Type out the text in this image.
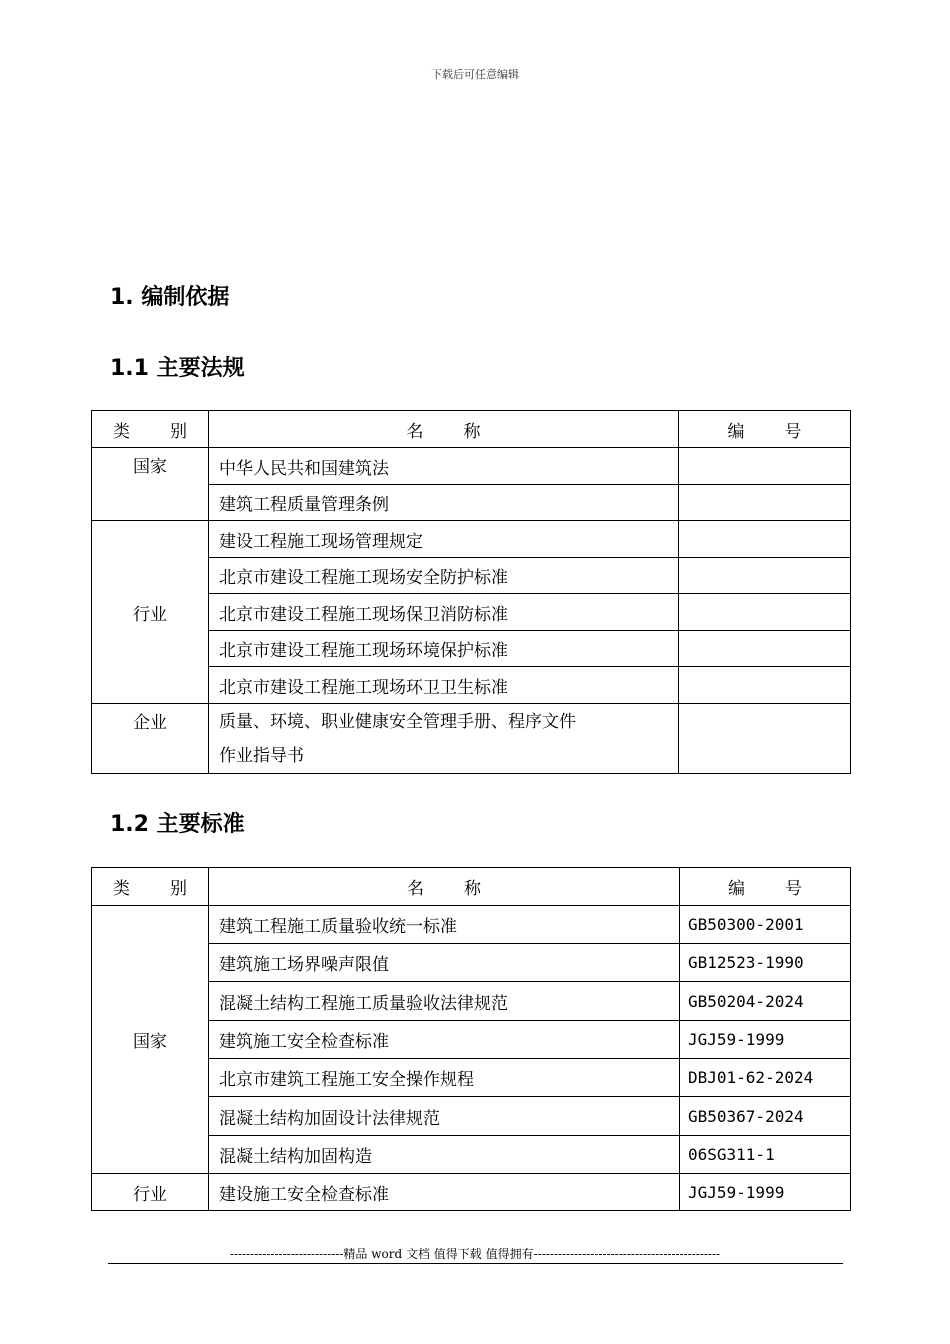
下载后可任意编辑
1. 编制依据
1.1 主要法规
类 别	名 称	编 号
国家	中华人民共和国建筑法	
	建筑工程质量管理条例	
行业	建设工程施工现场管理规定	
	北京市建设工程施工现场安全防护标准	
	北京市建设工程施工现场保卫消防标准	
	北京市建设工程施工现场环境保护标准	
	北京市建设工程施工现场环卫卫生标准	
企业	质量、环境、职业健康安全管理手册、程序文件
作业指导书	

1.2 主要标准
类 别	名 称	编 号
国家	建筑工程施工质量验收统一标准	GB50300-2001
	建筑施工场界噪声限值	GB12523-1990
	混凝土结构工程施工质量验收法律规范	GB50204-2024
	建筑施工安全检查标准	JGJ59-1999
	北京市建筑工程施工安全操作规程	DBJ01-62-2024
	混凝土结构加固设计法律规范	GB50367-2024
	混凝土结构加固构造	06SG311-1
行业	建设施工安全检查标准	JGJ59-1999
----------------------------精品 word 文档 值得下载 值得拥有----------------------------------------------
